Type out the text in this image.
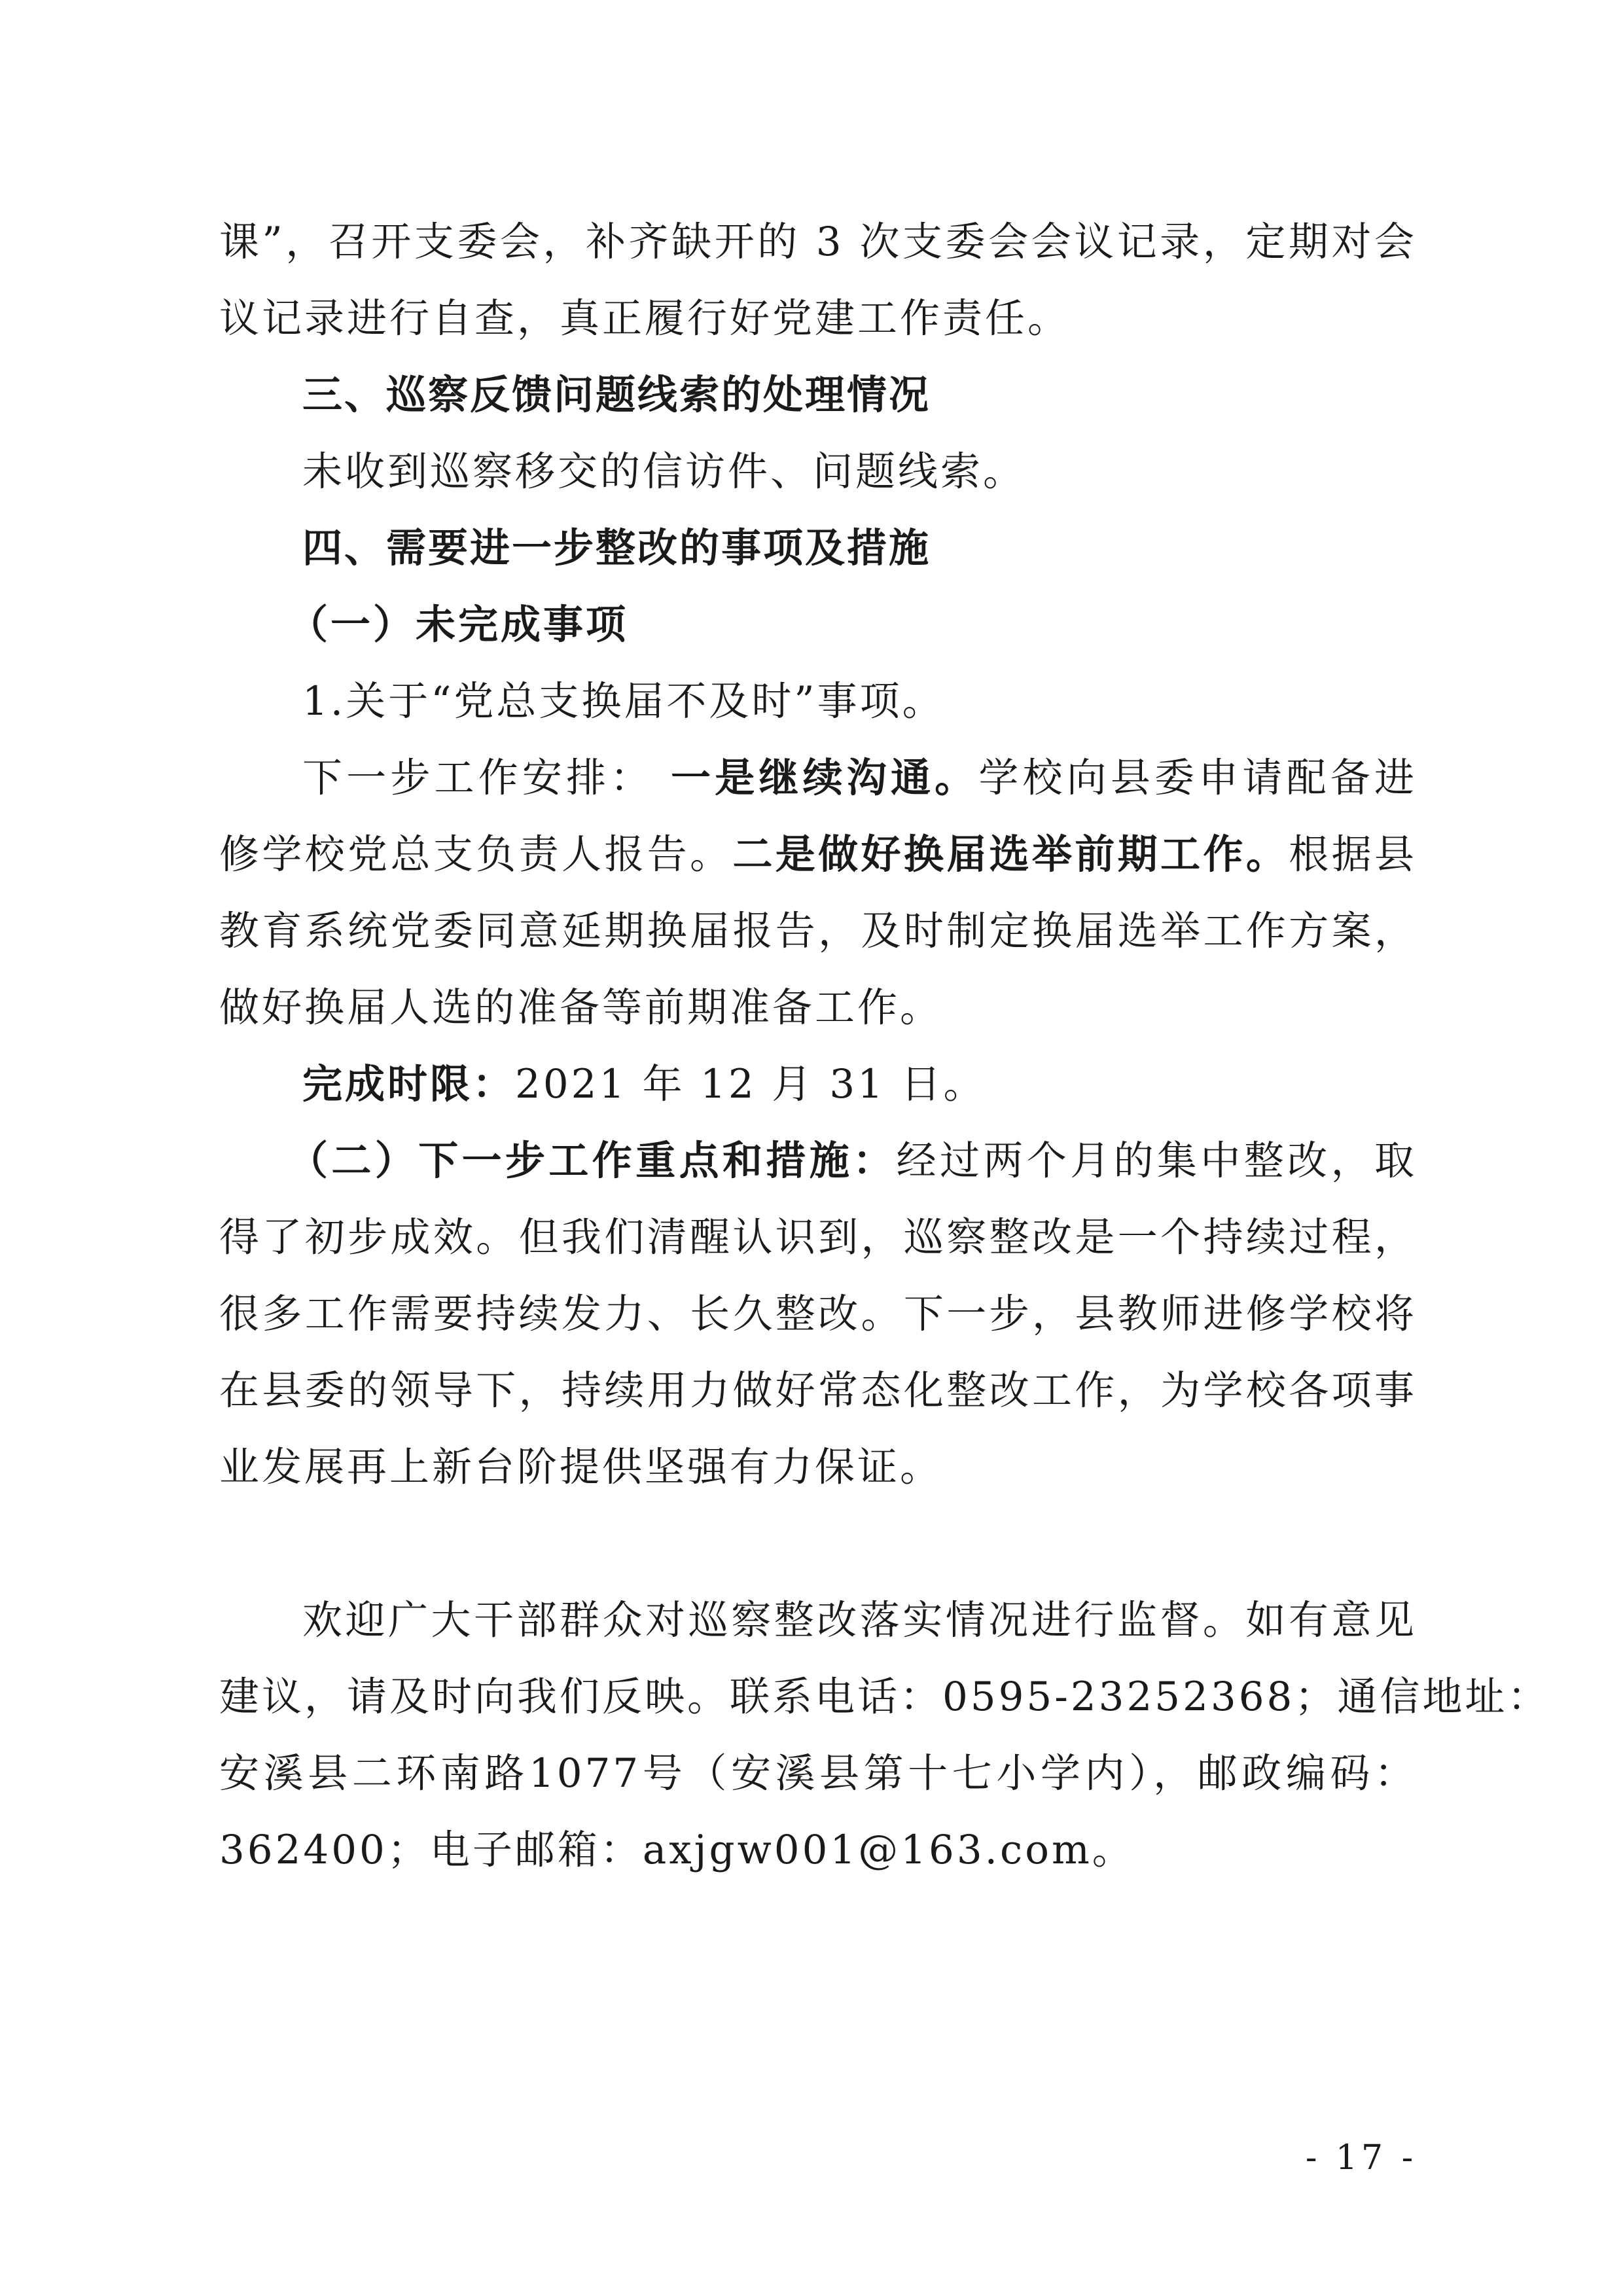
课”，召开支委会，补齐缺开的 3 次支委会会议记录，定期对会
议记录进行自查，真正履行好党建工作责任。
三、巡察反馈问题线索的处理情况
未收到巡察移交的信访件、问题线索。
四、需要进一步整改的事项及措施
（一）未完成事项
1.关于“党总支换届不及时”事项。
下一步工作安排： 一是继续沟通。学校向县委申请配备进
修学校党总支负责人报告。二是做好换届选举前期工作。根据县
教育系统党委同意延期换届报告，及时制定换届选举工作方案，
做好换届人选的准备等前期准备工作。
完成时限：2021 年 12 月 31 日。
（二）下一步工作重点和措施：经过两个月的集中整改，取
得了初步成效。但我们清醒认识到，巡察整改是一个持续过程，
很多工作需要持续发力、长久整改。下一步，县教师进修学校将
在县委的领导下，持续用力做好常态化整改工作，为学校各项事
业发展再上新台阶提供坚强有力保证。
欢迎广大干部群众对巡察整改落实情况进行监督。如有意见
建议，请及时向我们反映。联系电话：0595-23252368；通信地址：
安溪县二环南路1077号（安溪县第十七小学内），邮政编码：
362400；电子邮箱：axjgw001@163.com。
- 17 -
